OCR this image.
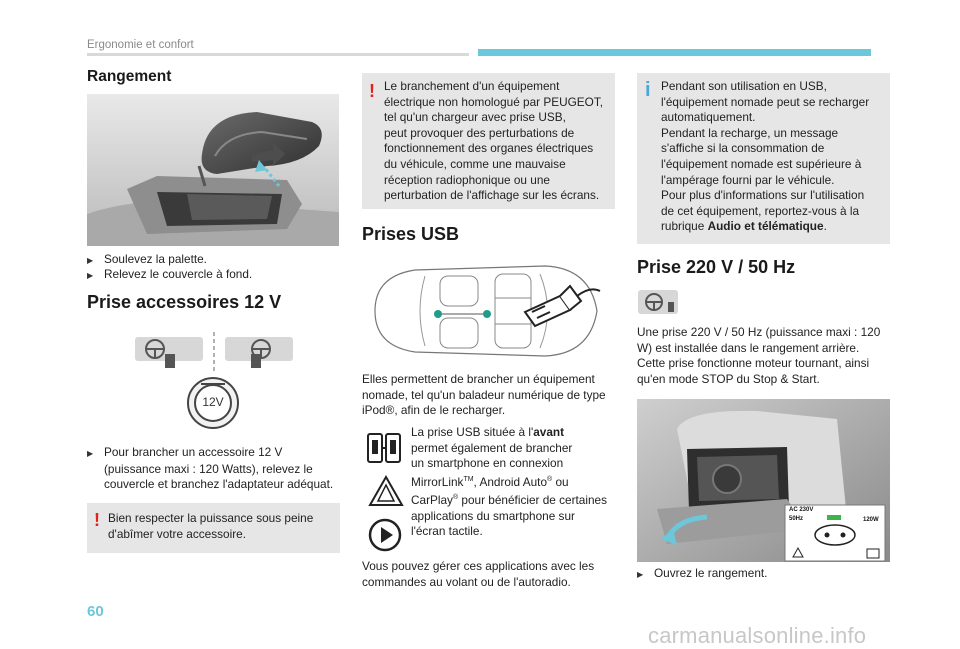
Ergonomie et confort
Rangement
▶ Soulevez la palette.
▶ Relevez le couvercle à fond.
Prise accessoires 12 V
12V
▶ Pour brancher un accessoire 12 V
(puissance maxi : 120 Watts), relevez le
couvercle et branchez l'adaptateur adéquat.
! Bien respecter la puissance sous peine
d'abîmer votre accessoire.
! Le branchement d'un équipement
électrique non homologué par PEUGEOT,
tel qu'un chargeur avec prise USB,
peut provoquer des perturbations de
fonctionnement des organes électriques
du véhicule, comme une mauvaise
réception radiophonique ou une
perturbation de l'affichage sur les écrans.
Prises USB
Elles permettent de brancher un équipement
nomade, tel qu'un baladeur numérique de type
iPod®, afin de le recharger.
La prise USB située à l'avant
permet également de brancher
un smartphone en connexion
MirrorLink™, Android Auto® ou
CarPlay® pour bénéficier de certaines
applications du smartphone sur
l'écran tactile.
Vous pouvez gérer ces applications avec les
commandes au volant ou de l'autoradio.
i Pendant son utilisation en USB,
l'équipement nomade peut se recharger
automatiquement.
Pendant la recharge, un message
s'affiche si la consommation de
l'équipement nomade est supérieure à
l'ampérage fourni par le véhicule.
Pour plus d'informations sur l'utilisation
de cet équipement, reportez-vous à la
rubrique Audio et télématique.
Prise 220 V / 50 Hz
Une prise 220 V / 50 Hz (puissance maxi : 120
W) est installée dans le rangement arrière.
Cette prise fonctionne moteur tournant, ainsi
qu'en mode STOP du Stop & Start.
AC 230V
50Hz	120W
▶ Ouvrez le rangement.
60
carmanualsonline.info
